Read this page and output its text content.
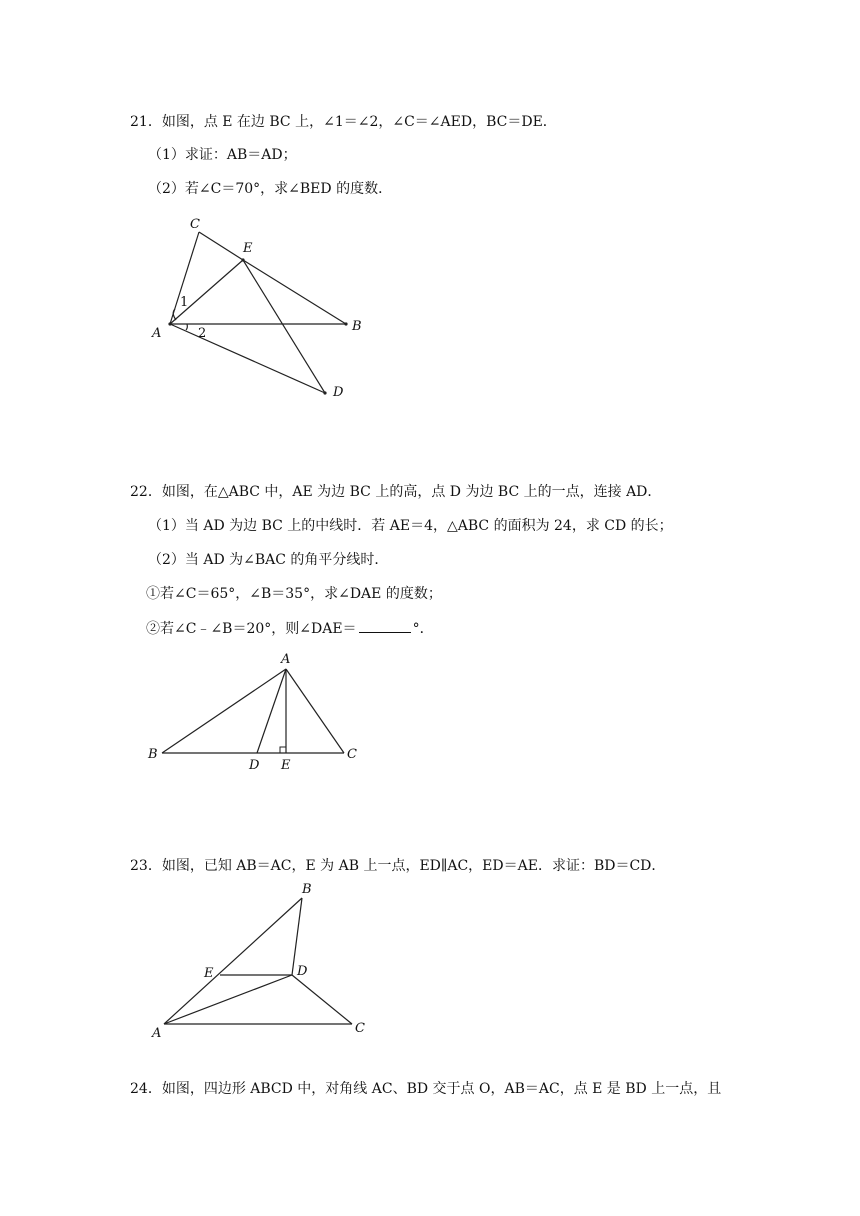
21．如图，点 E 在边 BC 上，∠1＝∠2，∠C＝∠AED，BC＝DE．
（1）求证：AB＝AD；
（2）若∠C＝70°，求∠BED 的度数．
C
E
A	B
D
1
2
22．如图，在△ABC 中，AE 为边 BC 上的高，点 D 为边 BC 上的一点，连接 AD．
（1）当 AD 为边 BC 上的中线时．若 AE＝4，△ABC 的面积为 24，求 CD 的长；
（2）当 AD 为∠BAC 的角平分线时．
①若∠C＝65°，∠B＝35°，求∠DAE 的度数；
②若∠C﹣∠B＝20°，则∠DAE＝	°．
A
B
D E
C
23．如图，已知 AB＝AC，E 为 AB 上一点，ED∥AC，ED＝AE．求证：BD＝CD．
B
E	D
A	C
24．如图，四边形 ABCD 中，对角线 AC、BD 交于点 O，AB＝AC，点 E 是 BD 上一点，且
